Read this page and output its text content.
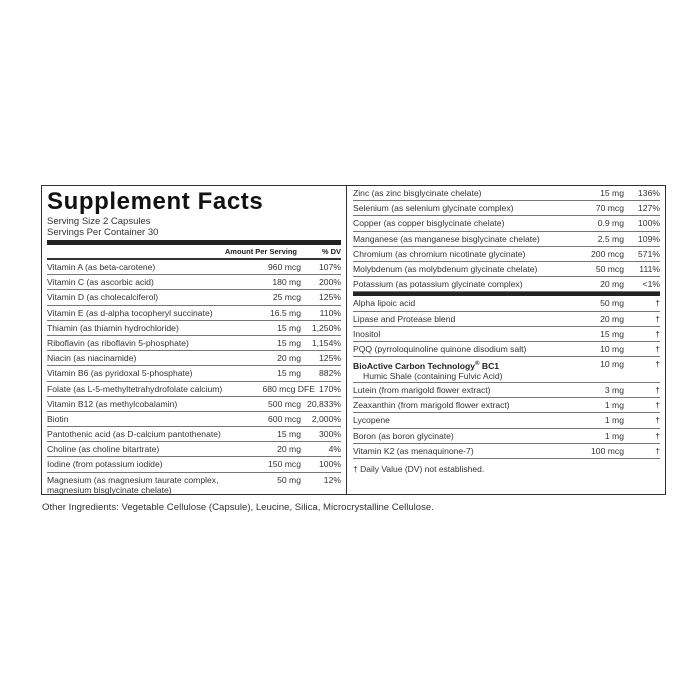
Supplement Facts
Serving Size 2 Capsules
Servings Per Container 30
Amount Per Serving	% DV
Vitamin A (as beta-carotene)	960 mcg	107%
Vitamin C (as ascorbic acid)	180 mg	200%
Vitamin D (as cholecalciferol)	25 mcg	125%
Vitamin E (as d-alpha tocopheryl succinate)	16.5 mg	110%
Thiamin (as thiamin hydrochloride)	15 mg	1,250%
Riboflavin (as riboflavin 5-phosphate)	15 mg	1,154%
Niacin (as niacinamide)	20 mg	125%
Vitamin B6 (as pyridoxal 5-phosphate)	15 mg	882%
Folate (as L-5-methyltetrahydrofolate calcium)	680 mcg DFE 170%
Vitamin B12 (as methylcobalamin)	500 mcg 20,833%
Biotin	600 mcg	2,000%
Pantothenic acid (as D-calcium pantothenate)	15 mg	300%
Choline (as choline bitartrate)	20 mg	4%
Iodine (from potassium iodide)	150 mcg	100%
Magnesium (as magnesium taurate complex, magnesium bisglycinate chelate)
50 mg	12%
Zinc (as zinc bisglycinate chelate)	15 mg	136%
Selenium (as selenium glycinate complex)	70 mcg	127%
Copper (as copper bisglycinate chelate)	0.9 mg	100%
Manganese (as manganese bisglycinate chelate)	2.5 mg	109%
Chromium (as chromium nicotinate glycinate)	200 mcg	571%
Molybdenum (as molybdenum glycinate chelate)	50 mcg	111%
Potassium (as potassium glycinate complex)	20 mg	<1%
Alpha lipoic acid	50 mg	†
Lipase and Protease blend	20 mg	†
Inositol	15 mg	†
PQQ (pyrroloquinoline quinone disodium salt)	10 mg	†
BioActive Carbon Technology® BC1
Humic Shale (containing Fulvic Acid)
10 mg	†
Lutein (from marigold flower extract)	3 mg	†
Zeaxanthin (from marigold flower extract)	1 mg	†
Lycopene	1 mg	†
Boron (as boron glycinate)	1 mg	†
Vitamin K2 (as menaquinone-7)	100 mcg	†
† Daily Value (DV) not established.
Other Ingredients: Vegetable Cellulose (Capsule), Leucine, Silica, Microcrystalline Cellulose.
